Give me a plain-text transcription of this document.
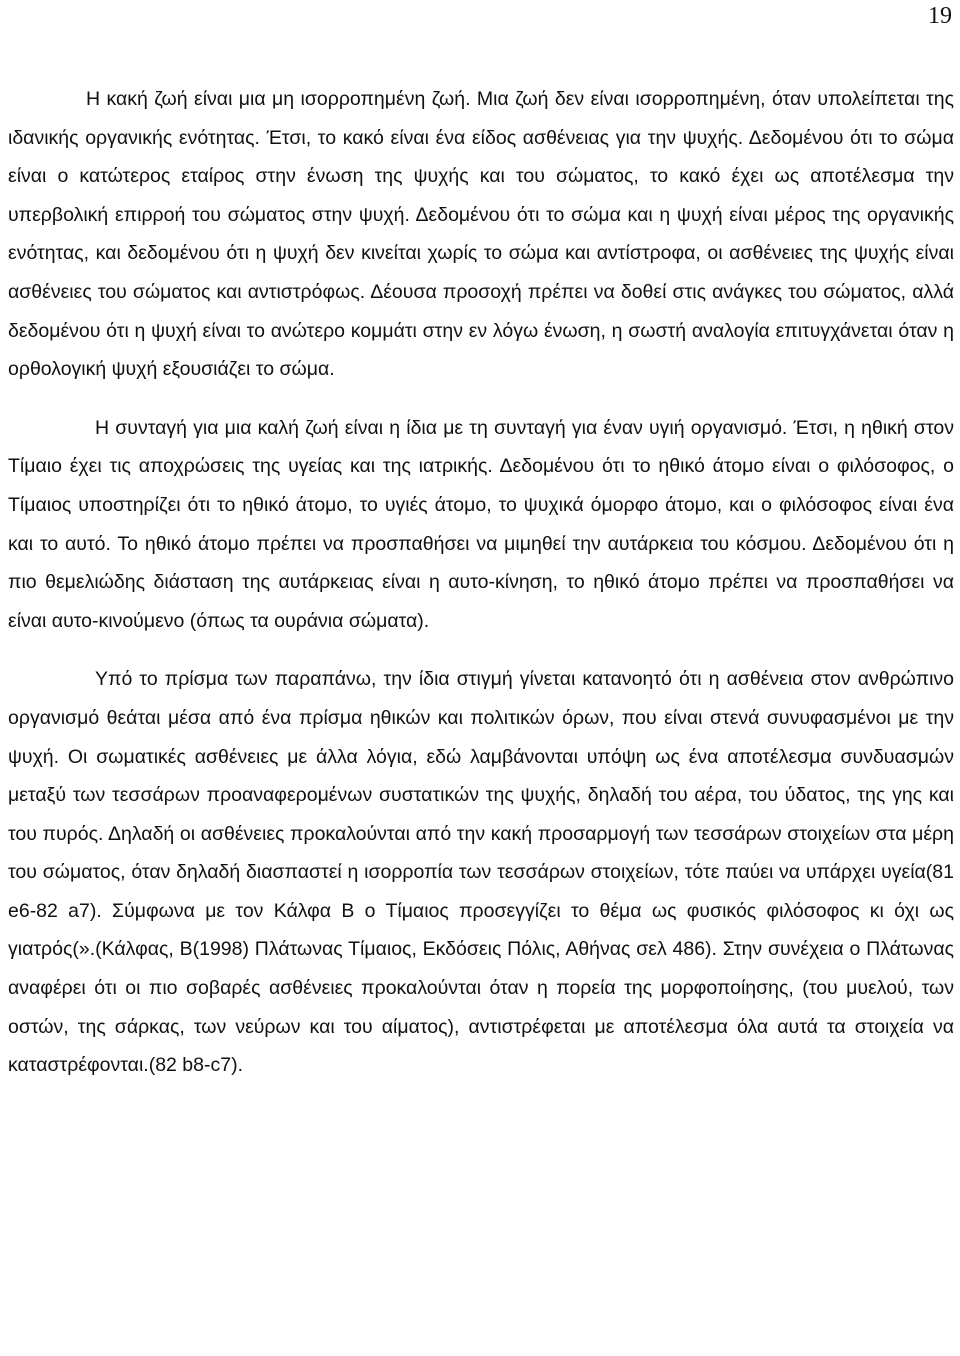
19

Η κακή ζωή είναι μια μη ισορροπημένη ζωή. Μια ζωή δεν είναι ισορροπημένη, όταν υπολείπεται της ιδανικής οργανικής ενότητας. Έτσι, το κακό είναι ένα είδος ασθένειας για την ψυχής. Δεδομένου ότι το σώμα είναι ο κατώτερος εταίρος στην ένωση της ψυχής και του σώματος, το κακό έχει ως αποτέλεσμα την υπερβολική επιρροή του σώματος στην ψυχή. Δεδομένου ότι το σώμα και η ψυχή είναι μέρος της οργανικής ενότητας, και δεδομένου ότι η ψυχή δεν κινείται χωρίς το σώμα και αντίστροφα, οι ασθένειες της ψυχής είναι ασθένειες του σώματος και αντιστρόφως. Δέουσα προσοχή πρέπει να δοθεί στις ανάγκες του σώματος, αλλά δεδομένου ότι η ψυχή είναι το ανώτερο κομμάτι στην εν λόγω ένωση, η σωστή αναλογία επιτυγχάνεται όταν η ορθολογική ψυχή εξουσιάζει το σώμα.

Η συνταγή για μια καλή ζωή είναι η ίδια με τη συνταγή για έναν υγιή οργανισμό. Έτσι, η ηθική στον Τίμαιο έχει τις αποχρώσεις της υγείας και της ιατρικής. Δεδομένου ότι το ηθικό άτομο είναι ο φιλόσοφος, ο Τίμαιος υποστηρίζει ότι το ηθικό άτομο, το υγιές άτομο, το ψυχικά όμορφο άτομο, και ο φιλόσοφος είναι ένα και το αυτό. Το ηθικό άτομο πρέπει να προσπαθήσει να μιμηθεί την αυτάρκεια του κόσμου. Δεδομένου ότι η πιο θεμελιώδης διάσταση της αυτάρκειας είναι η αυτο-κίνηση, το ηθικό άτομο πρέπει να προσπαθήσει να είναι αυτο-κινούμενο (όπως τα ουράνια σώματα).

Υπό το πρίσμα των παραπάνω, την ίδια στιγμή γίνεται κατανοητό ότι η ασθένεια στον ανθρώπινο οργανισμό θεάται μέσα από ένα πρίσμα ηθικών και πολιτικών όρων, που είναι στενά συνυφασμένοι με την ψυχή. Οι σωματικές ασθένειες με άλλα λόγια, εδώ λαμβάνονται υπόψη ως ένα αποτέλεσμα συνδυασμών μεταξύ των τεσσάρων προαναφερομένων συστατικών της ψυχής, δηλαδή του αέρα, του ύδατος, της γης και του πυρός. Δηλαδή οι ασθένειες προκαλούνται από την κακή προσαρμογή των τεσσάρων στοιχείων στα μέρη του σώματος, όταν δηλαδή διασπαστεί η ισορροπία των τεσσάρων στοιχείων, τότε παύει να υπάρχει υγεία(81 e6-82 a7). Σύμφωνα με τον Κάλφα Β ο Τίμαιος προσεγγίζει το θέμα ως φυσικός φιλόσοφος κι όχι ως γιατρός(».(Κάλφας, Β(1998) Πλάτωνας Τίμαιος, Εκδόσεις Πόλις, Αθήνας σελ 486). Στην συνέχεια ο Πλάτωνας αναφέρει ότι οι πιο σοβαρές ασθένειες προκαλούνται όταν η πορεία της μορφοποίησης, (του μυελού, των οστών, της σάρκας, των νεύρων και του αίματος), αντιστρέφεται με αποτέλεσμα όλα αυτά τα στοιχεία να καταστρέφονται.(82 b8-c7).
